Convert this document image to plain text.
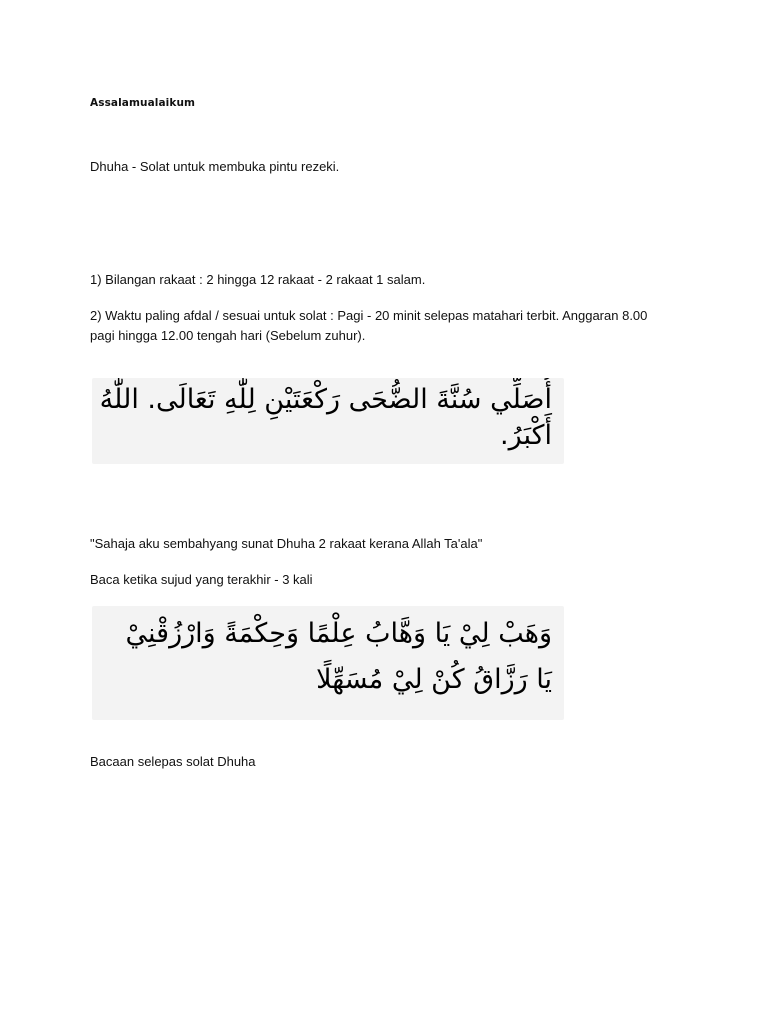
Assalamualaikum
Dhuha - Solat untuk membuka pintu rezeki.
1) Bilangan rakaat : 2 hingga 12 rakaat - 2 rakaat 1 salam.
2) Waktu paling afdal / sesuai untuk solat : Pagi - 20 minit selepas matahari terbit. Anggaran 8.00 pagi hingga 12.00 tengah hari (Sebelum zuhur).
أُصَلِّي سُنَّةَ الضُّحَى رَكْعَتَيْنِ لِلّٰهِ تَعَالَى. اللّٰهُ
أَكْبَرُ.
"Sahaja aku sembahyang sunat Dhuha 2 rakaat kerana Allah Ta'ala"
Baca ketika sujud yang terakhir - 3 kali
وَهَبْ لِيْ يَا وَهَّابُ عِلْمًا وَحِكْمَةً وَارْزُقْنِيْ
يَا رَزَّاقُ كُنْ لِيْ مُسَهِّلًا
Bacaan selepas solat Dhuha
